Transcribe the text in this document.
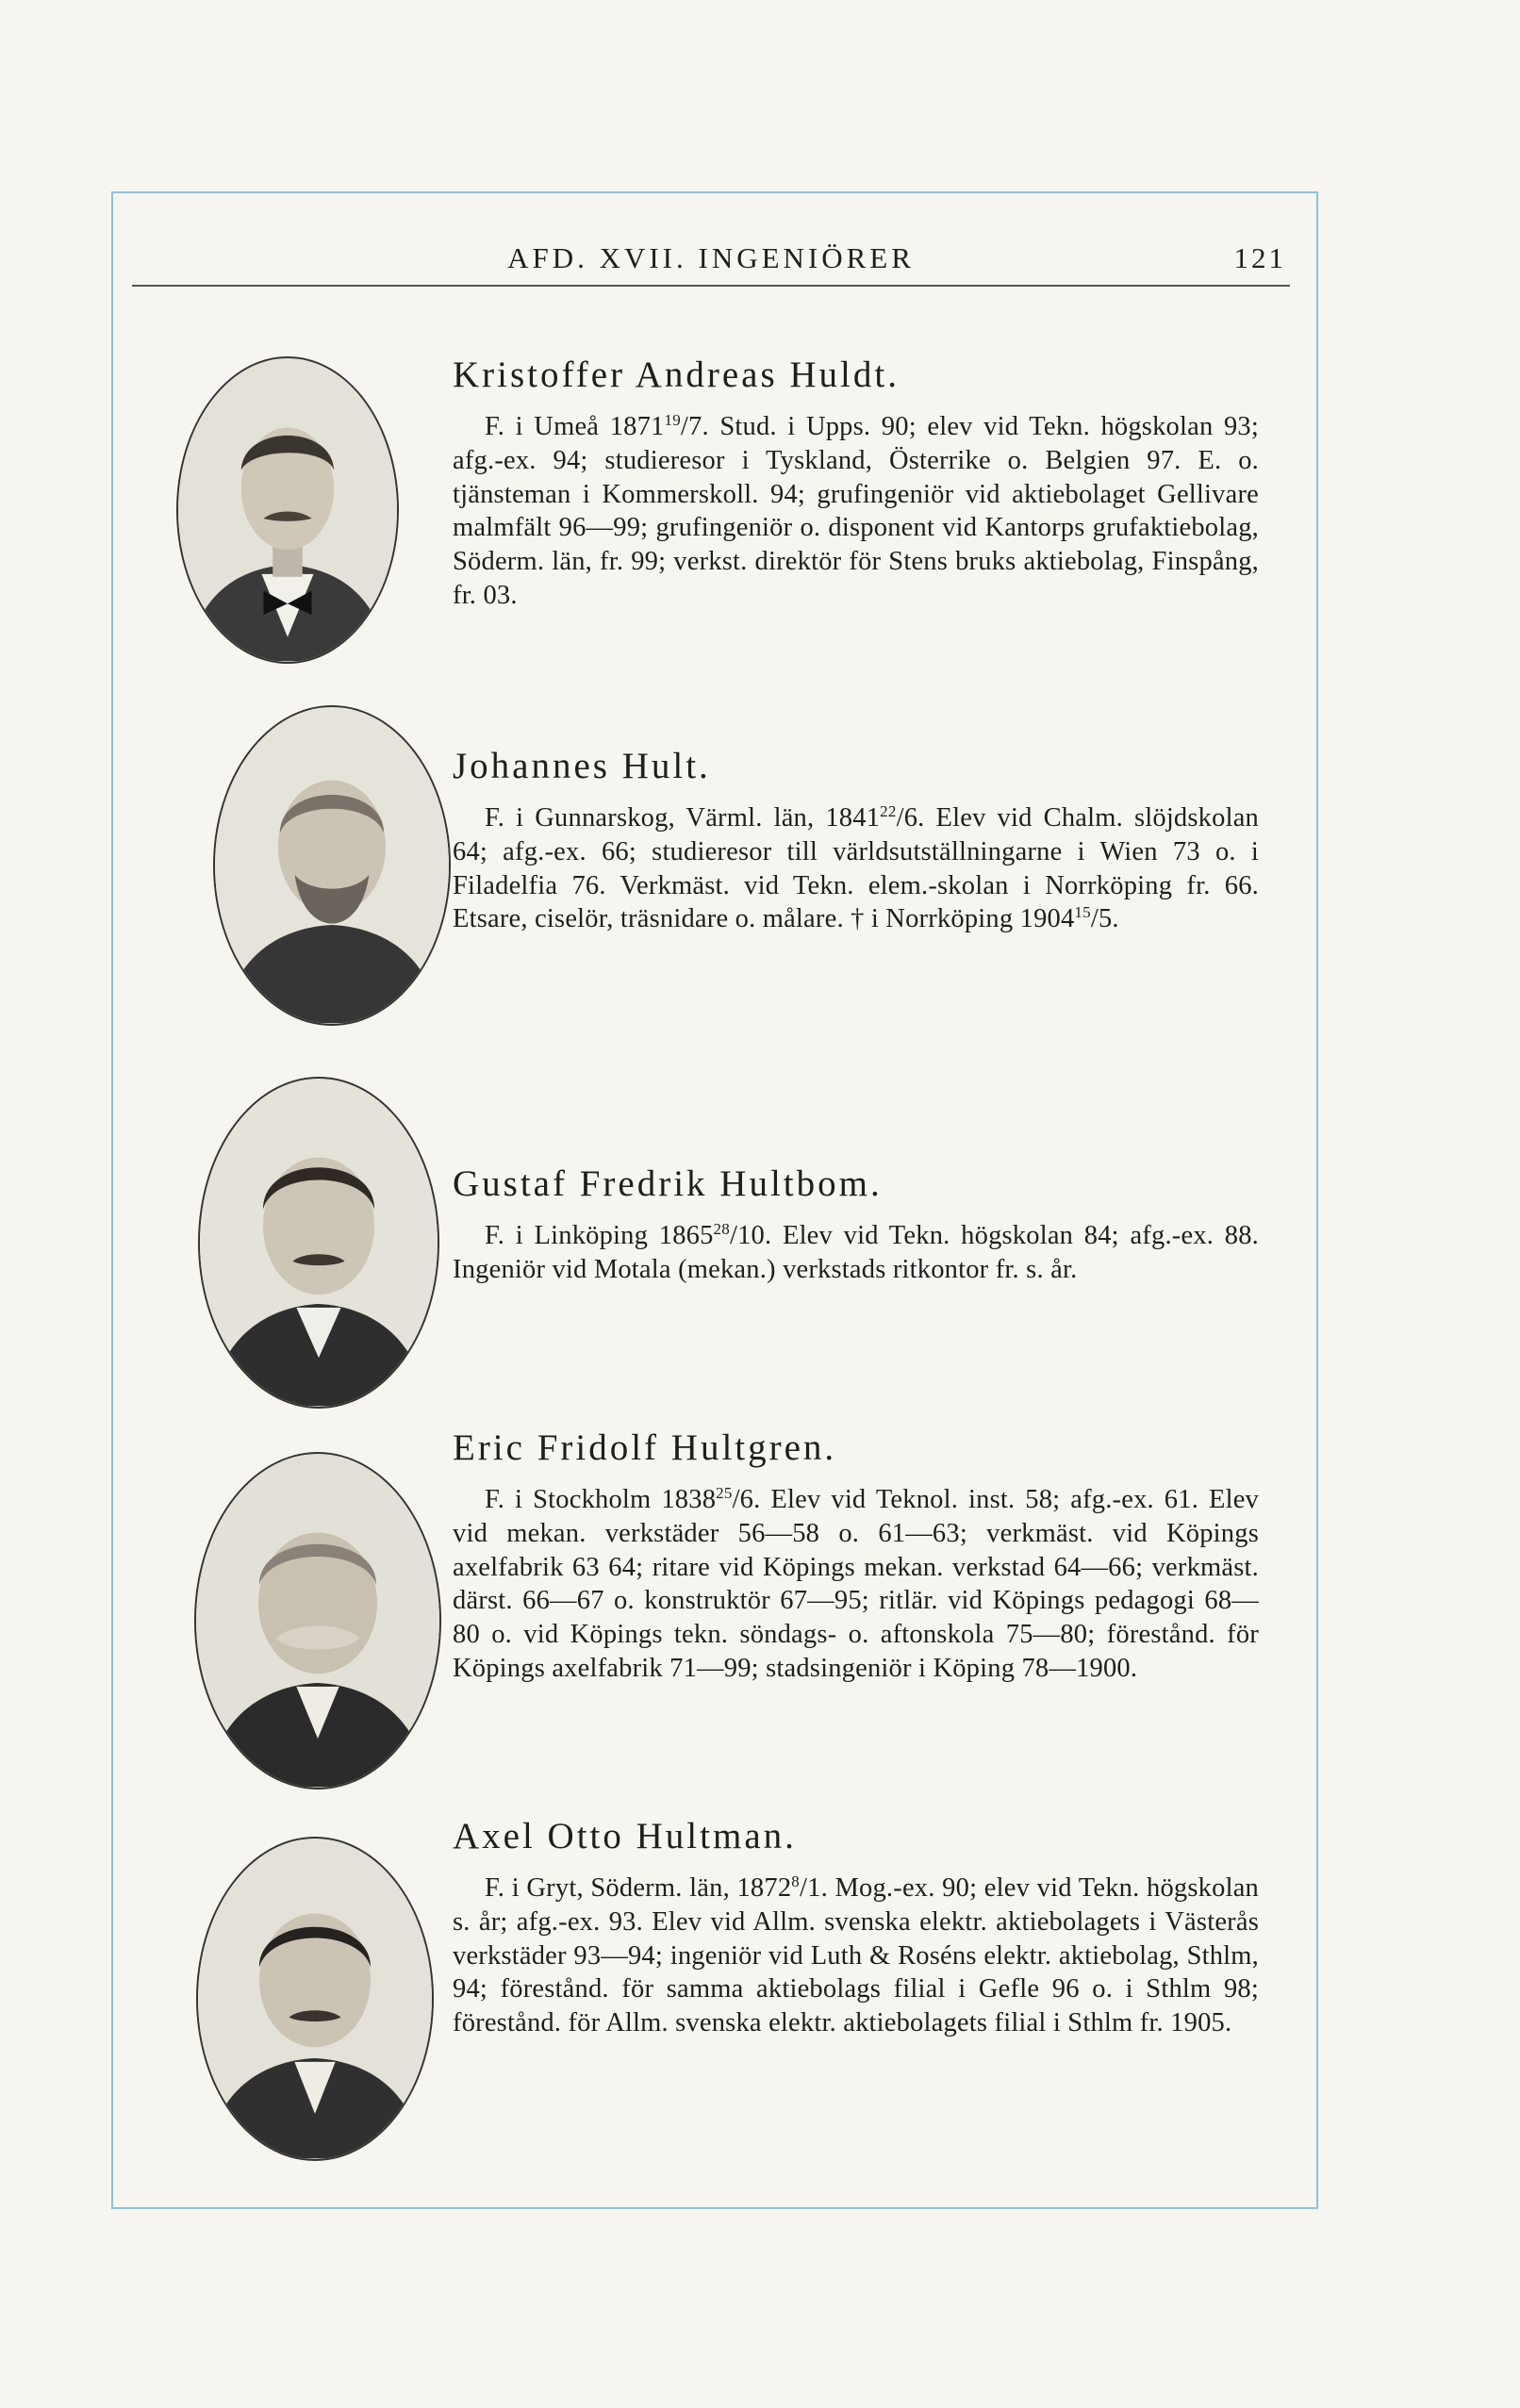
AFD. XVII. INGENIÖRER	121
Kristoffer Andreas Huldt.

F. i Umeå 1871$^{19}$/7. Stud. i Upps. 90; elev vid Tekn. högskolan 93; afg.-ex. 94; studieresor i Tyskland, Österrike o. Belgien 97. E. o. tjänsteman i Kommerskoll. 94; grufingeniör vid aktiebolaget Gellivare malmfält 96—99; grufingeniör o. disponent vid Kantorps grufaktiebolag, Söderm. län, fr. 99; verkst. direktör för Stens bruks aktiebolag, Finspång, fr. 03.

Johannes Hult.

F. i Gunnarskog, Värml. län, 1841$^{22}$/6. Elev vid Chalm. slöjdskolan 64; afg.-ex. 66; studieresor till världsutställningarne i Wien 73 o. i Filadelfia 76. Verkmäst. vid Tekn. elem.-skolan i Norrköping fr. 66. Etsare, ciselör, träsnidare o. målare. † i Norrköping 1904$^{15}$/5.

Gustaf Fredrik Hultbom.

F. i Linköping 1865$^{28}$/10. Elev vid Tekn. högskolan 84; afg.-ex. 88. Ingeniör vid Motala (mekan.) verkstads ritkontor fr. s. år.

Eric Fridolf Hultgren.

F. i Stockholm 1838$^{25}$/6. Elev vid Teknol. inst. 58; afg.-ex. 61. Elev vid mekan. verkstäder 56—58 o. 61—63; verkmäst. vid Köpings axelfabrik 63 64; ritare vid Köpings mekan. verkstad 64—66; verkmäst. därst. 66—67 o. konstruktör 67—95; ritlär. vid Köpings pedagogi 68—80 o. vid Köpings tekn. söndags- o. aftonskola 75—80; förestånd. för Köpings axelfabrik 71—99; stadsingeniör i Köping 78—1900.

Axel Otto Hultman.

F. i Gryt, Söderm. län, 1872$^8$/1. Mog.-ex. 90; elev vid Tekn. högskolan s. år; afg.-ex. 93. Elev vid Allm. svenska elektr. aktiebolagets i Västerås verkstäder 93—94; ingeniör vid Luth & Roséns elektr. aktiebolag, Sthlm, 94; förestånd. för samma aktiebolags filial i Gefle 96 o. i Sthlm 98; förestånd. för Allm. svenska elektr. aktiebolagets filial i Sthlm fr. 1905.
